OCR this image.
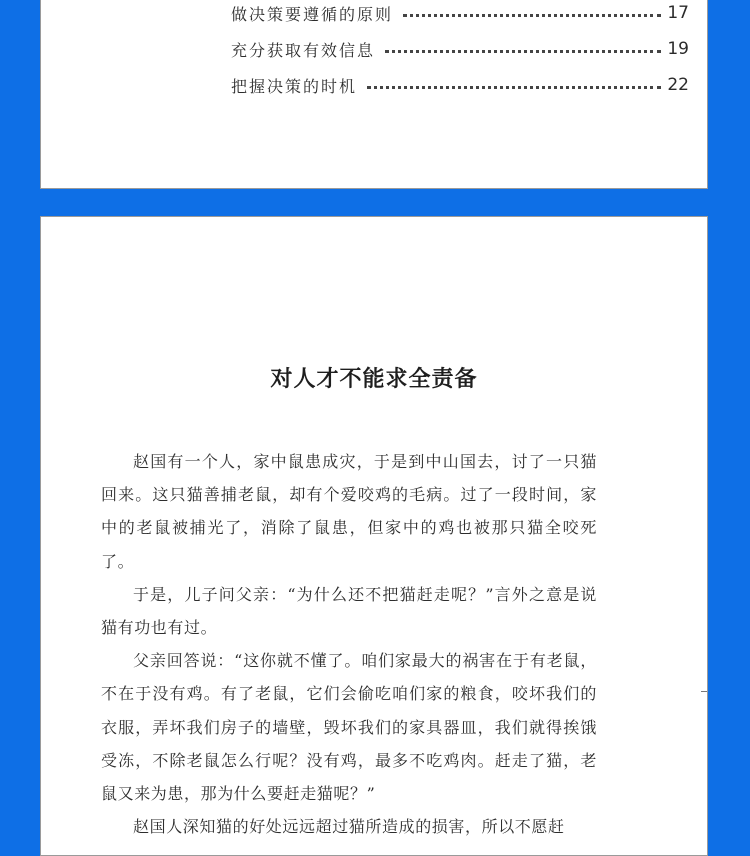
做决策要遵循的原则	17
充分获取有效信息	19
把握决策的时机	22
对人才不能求全责备

赵国有一个人，家中鼠患成灾，于是到中山国去，讨了一只猫回来。这只猫善捕老鼠，却有个爱咬鸡的毛病。过了一段时间，家中的老鼠被捕光了，消除了鼠患，但家中的鸡也被那只猫全咬死了。

于是，儿子问父亲：“为什么还不把猫赶走呢？”言外之意是说猫有功也有过。

父亲回答说：“这你就不懂了。咱们家最大的祸害在于有老鼠，不在于没有鸡。有了老鼠，它们会偷吃咱们家的粮食，咬坏我们的衣服，弄坏我们房子的墙壁，毁坏我们的家具器皿，我们就得挨饿受冻，不除老鼠怎么行呢？没有鸡，最多不吃鸡肉。赶走了猫，老鼠又来为患，那为什么要赶走猫呢？”

赵国人深知猫的好处远远超过猫所造成的损害，所以不愿赶
